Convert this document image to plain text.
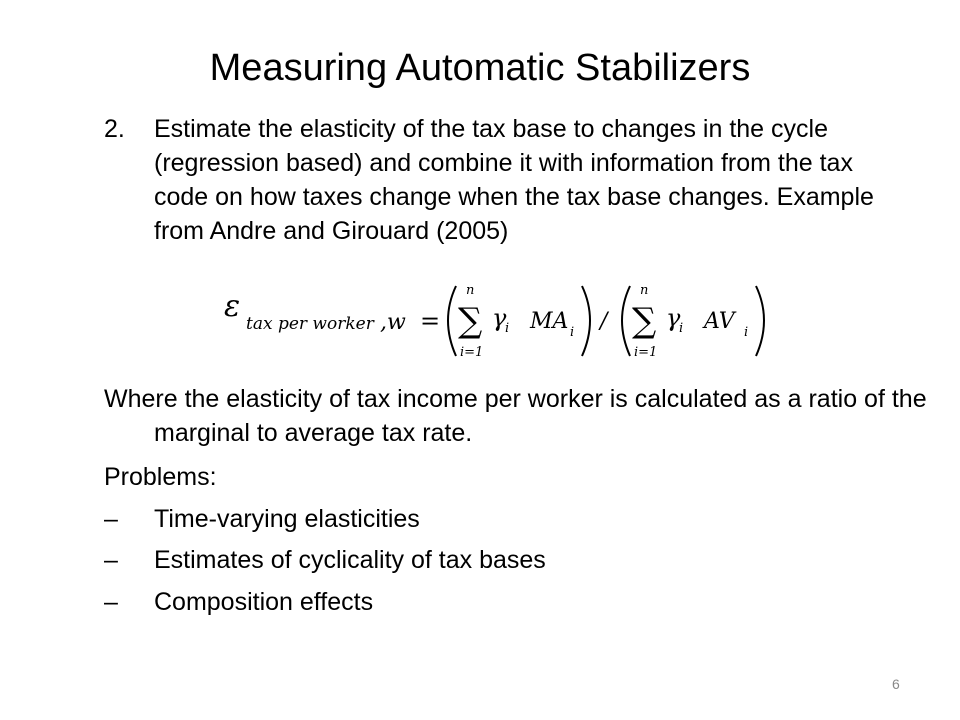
Measuring Automatic Stabilizers
2. Estimate the elasticity of the tax base to changes in the cycle (regression based) and combine it with information from the tax code on how taxes change when the tax base changes. Example from Andre and Girouard (2005)
ε tax per worker ,w =
n
∑
i=1
γ
i MA i /
n
∑
i=1
γ
i AV i
Where the elasticity of tax income per worker is calculated as a ratio of the marginal to average tax rate.
Problems:
– Time-varying elasticities
– Estimates of cyclicality of tax bases
– Composition effects
6
